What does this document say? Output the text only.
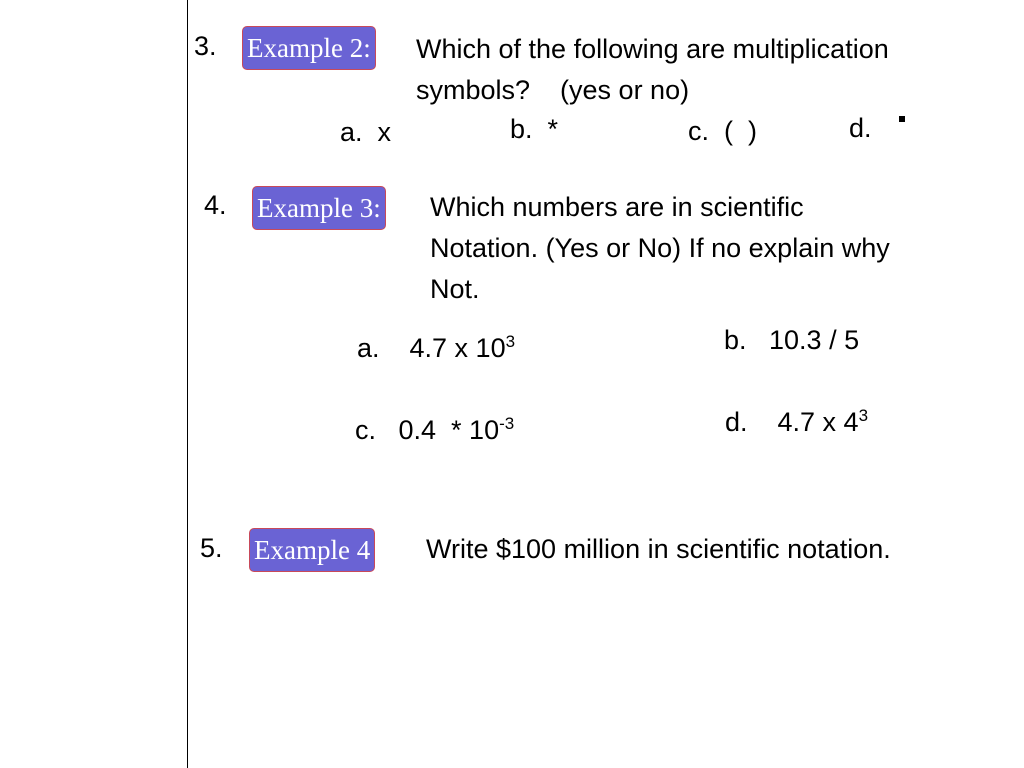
3. Example 2: Which of the following are multiplication
symbols?    (yes or no)
a.  x	b.  *	c.  (  )	d.
4. Example 3: Which numbers are in scientific
Notation. (Yes or No) If no explain why
Not.
a.    4.7 x $10^3$	b.   10.3 / 5
c.   $0.4 * 10^{-3}$	d.    4.7 x $4^3$
5. Example 4 Write $100 million in scientific notation.
